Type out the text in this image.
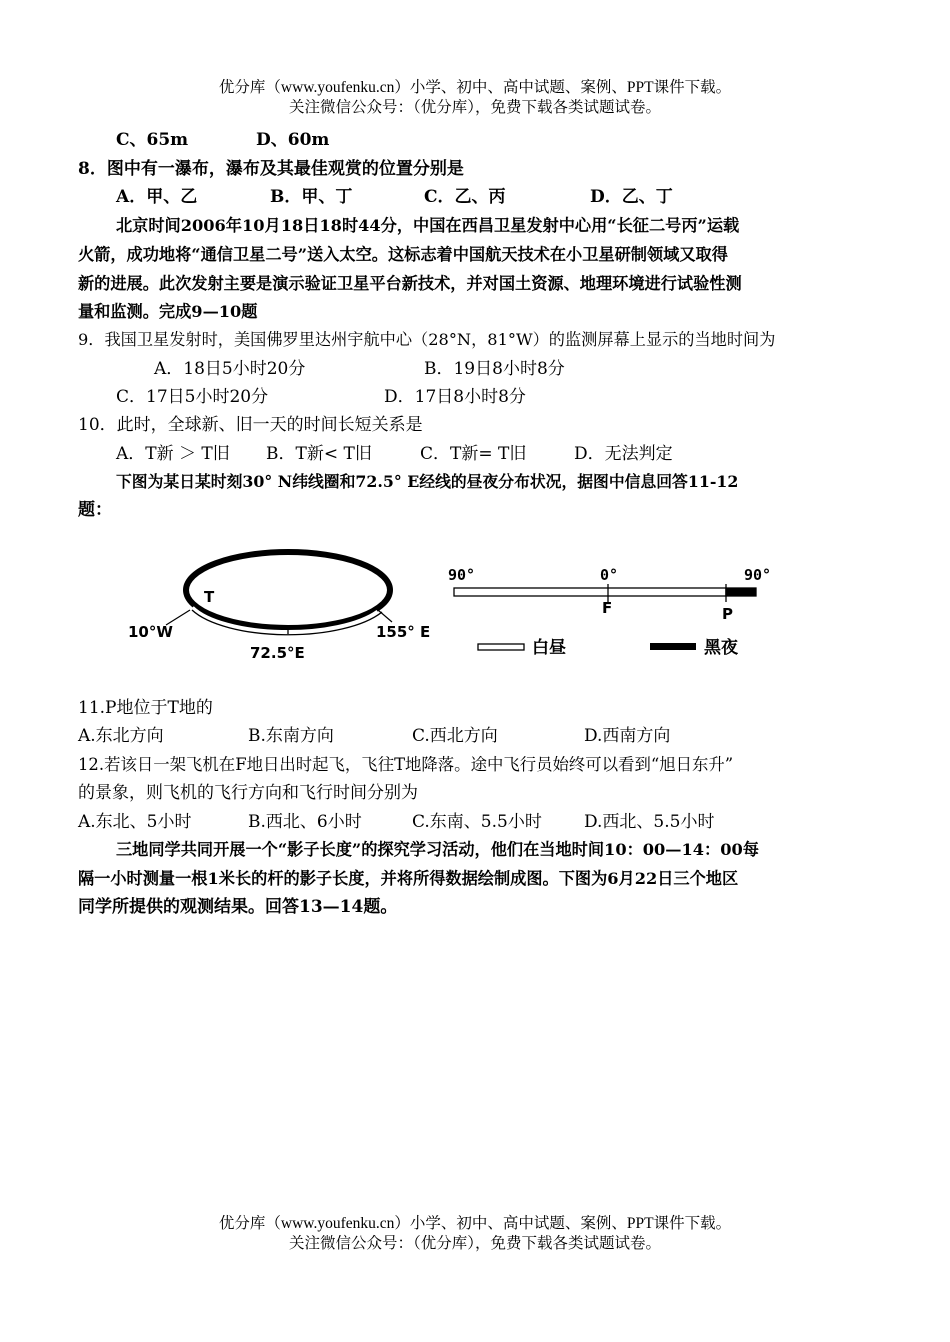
优分库（www.youfenku.cn）小学、初中、高中试题、案例、PPT课件下载。
关注微信公众号：（优分库），免费下载各类试题试卷。
C、65m	D、60m
8．图中有一瀑布，瀑布及其最佳观赏的位置分别是
A．甲、乙	B．甲、丁	C．乙、丙	D．乙、丁
北京时间2006年10月18日18时44分，中国在西昌卫星发射中心用“长征二号丙”运载
火箭，成功地将“通信卫星二号”送入太空。这标志着中国航天技术在小卫星研制领域又取得
新的进展。此次发射主要是演示验证卫星平台新技术，并对国土资源、地理环境进行试验性测
量和监测。完成9—10题
9．我国卫星发射时，美国佛罗里达州宇航中心（28°N，81°W）的监测屏幕上显示的当地时间为
A．18日5小时20分	B．19日8小时8分
C．17日5小时20分	D．17日8小时8分
10．此时，全球新、旧一天的时间长短关系是
A．T新 ＞ T旧 B．T新< T旧	C．T新= T旧	D．无法判定
下图为某日某时刻30° N纬线圈和72.5° E经线的昼夜分布状况，据图中信息回答11-12
题：
T
10°W	155° E
72.5°E
90°	0°	90°
F	P
白昼	黑夜
11.P地位于T地的
A.东北方向	B.东南方向	C.西北方向	D.西南方向
12.若该日一架飞机在F地日出时起飞，飞往T地降落。途中飞行员始终可以看到“旭日东升”
的景象，则飞机的飞行方向和飞行时间分别为
A.东北、5小时	B.西北、6小时	C.东南、5.5小时 D.西北、5.5小时
三地同学共同开展一个“影子长度”的探究学习活动，他们在当地时间10：00—14：00每
隔一小时测量一根1米长的杆的影子长度，并将所得数据绘制成图。下图为6月22日三个地区
同学所提供的观测结果。回答13—14题。
优分库（www.youfenku.cn）小学、初中、高中试题、案例、PPT课件下载。
关注微信公众号：（优分库），免费下载各类试题试卷。
